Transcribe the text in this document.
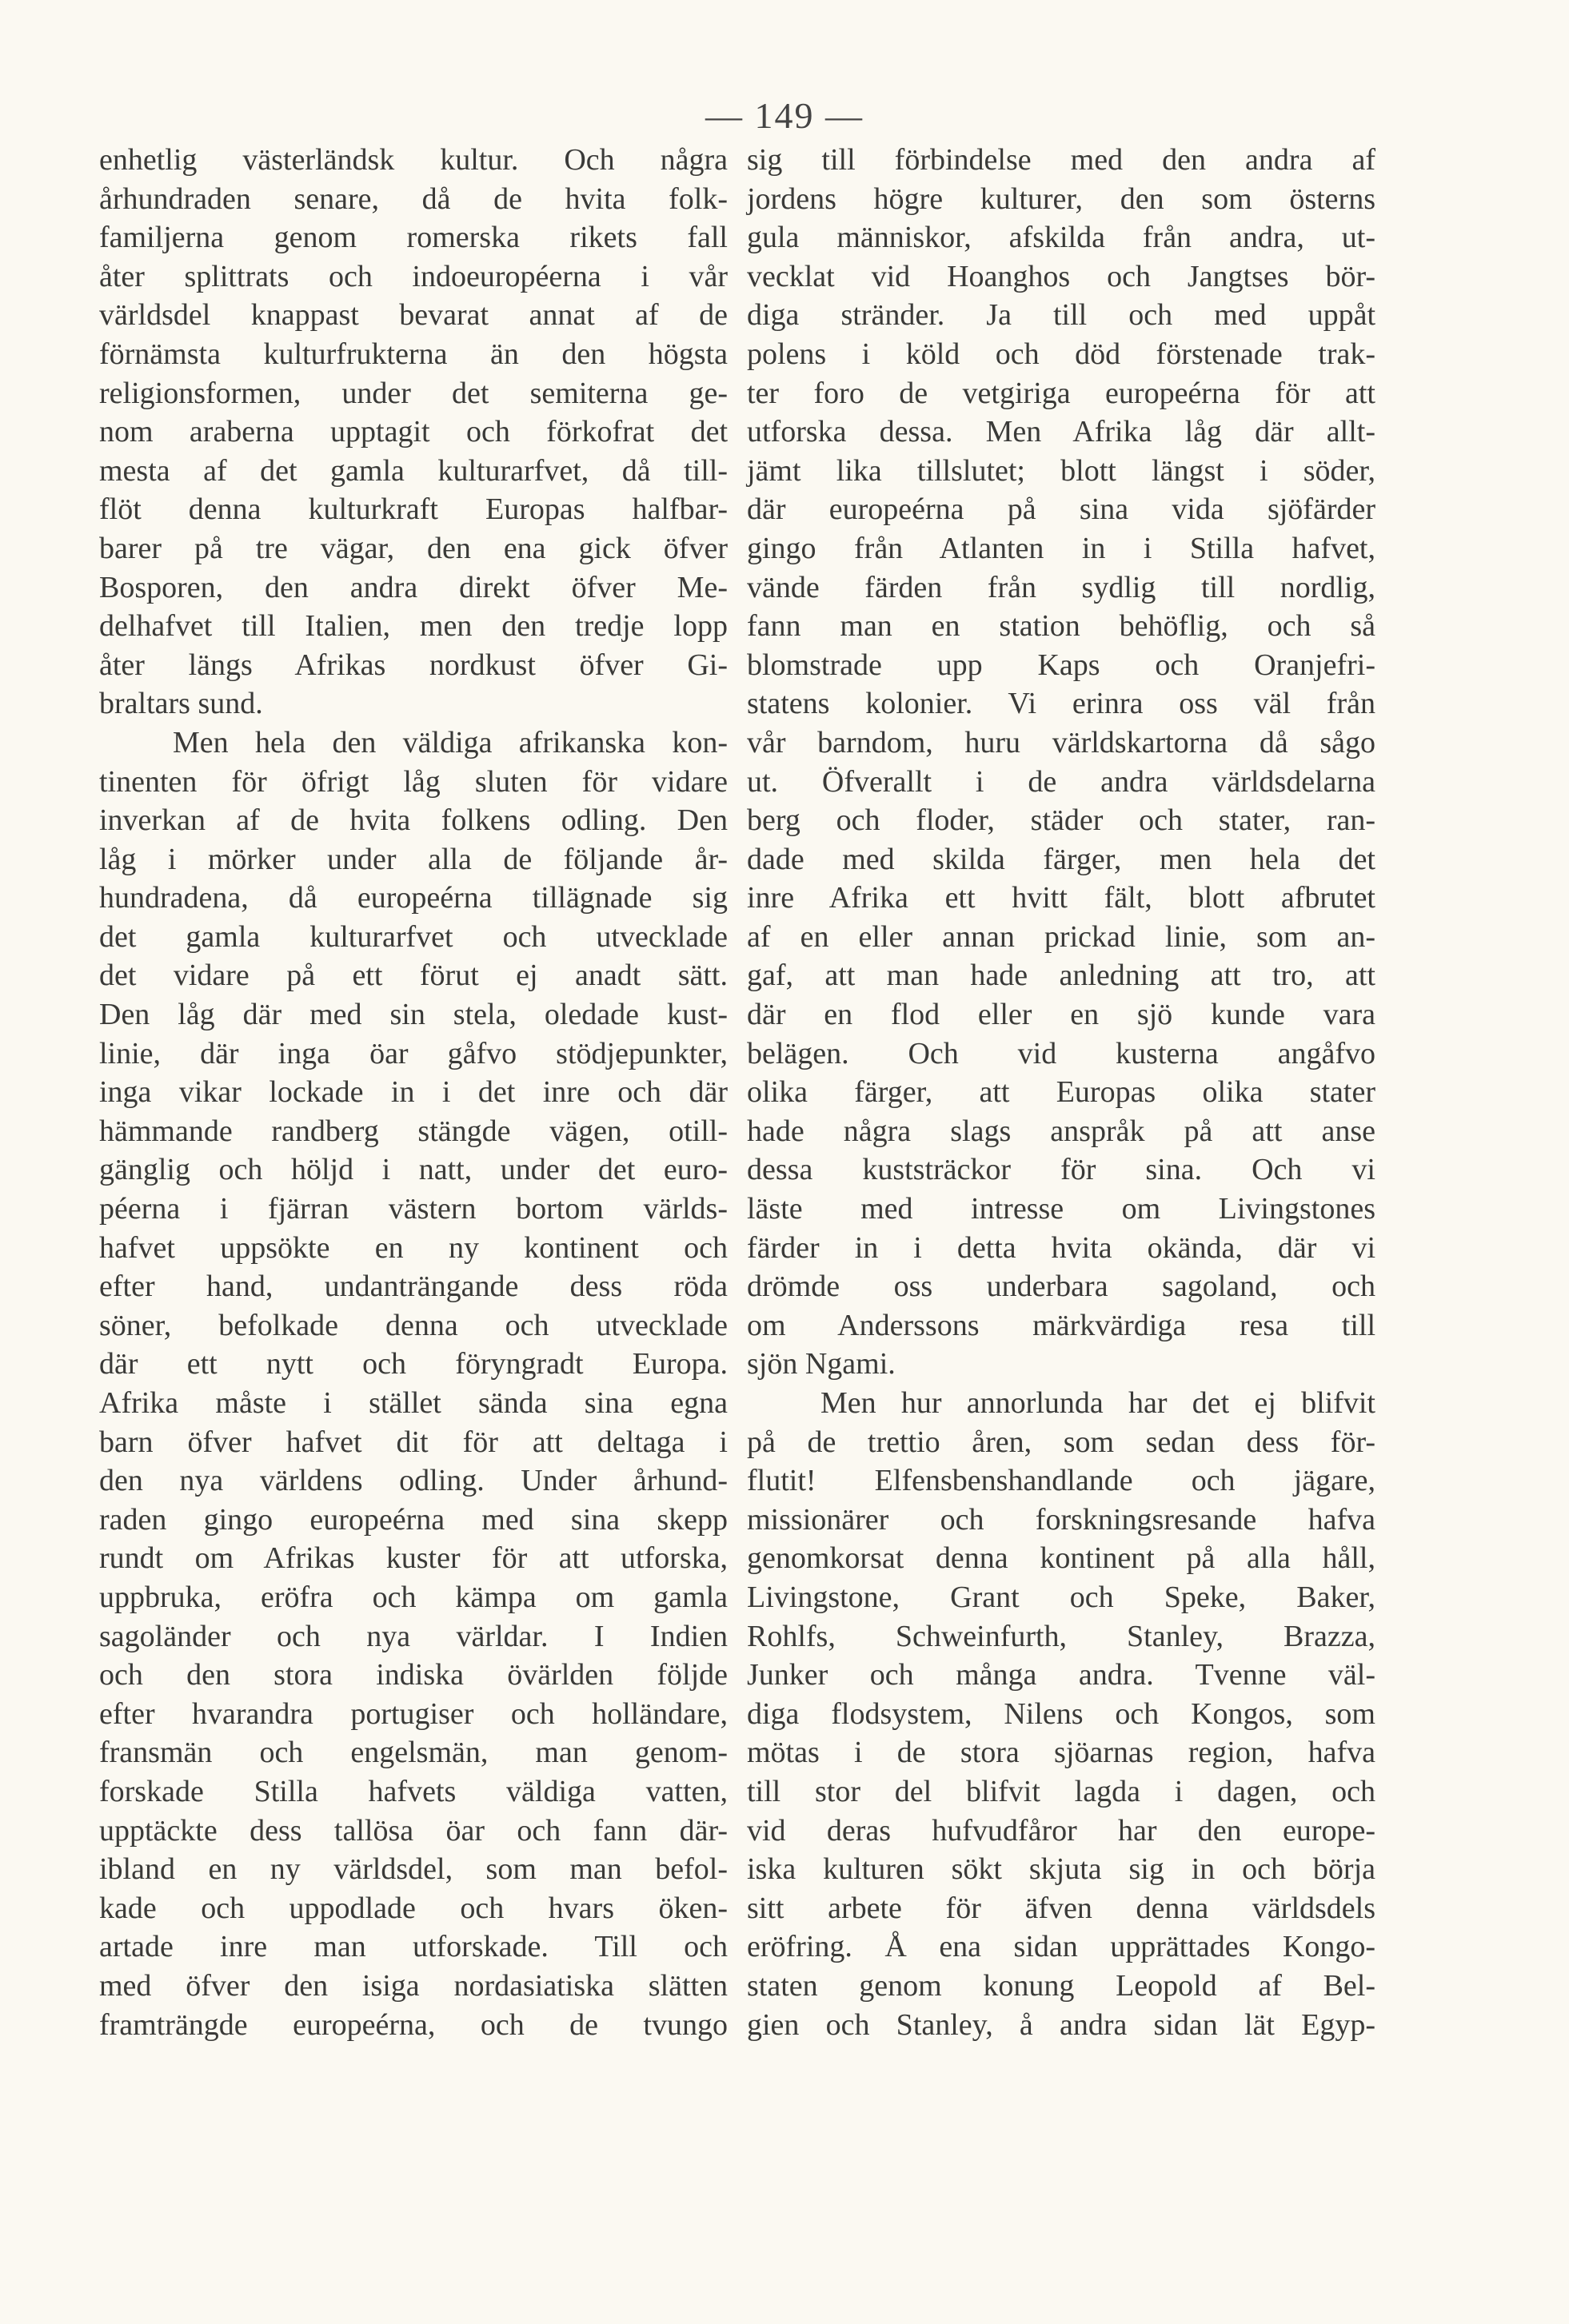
— 149 —
enhetlig västerländsk kultur. Och några
århundraden senare, då de hvita folk-
familjerna genom romerska rikets fall
åter splittrats och indoeuropéerna i vår
världsdel knappast bevarat annat af de
förnämsta kulturfrukterna än den högsta
religionsformen, under det semiterna ge-
nom araberna upptagit och förkofrat det
mesta af det gamla kulturarfvet, då till-
flöt denna kulturkraft Europas halfbar-
barer på tre vägar, den ena gick öfver
Bosporen, den andra direkt öfver Me-
delhafvet till Italien, men den tredje lopp
åter längs Afrikas nordkust öfver Gi-
braltars sund.
Men hela den väldiga afrikanska kon-
tinenten för öfrigt låg sluten för vidare
inverkan af de hvita folkens odling. Den
låg i mörker under alla de följande år-
hundradena, då europeérna tillägnade sig
det gamla kulturarfvet och utvecklade
det vidare på ett förut ej anadt sätt.
Den låg där med sin stela, oledade kust-
linie, där inga öar gåfvo stödjepunkter,
inga vikar lockade in i det inre och där
hämmande randberg stängde vägen, otill-
gänglig och höljd i natt, under det euro-
péerna i fjärran västern bortom världs-
hafvet uppsökte en ny kontinent och
efter hand, undanträngande dess röda
söner, befolkade denna och utvecklade
där ett nytt och föryngradt Europa.
Afrika måste i stället sända sina egna
barn öfver hafvet dit för att deltaga i
den nya världens odling. Under århund-
raden gingo europeérna med sina skepp
rundt om Afrikas kuster för att utforska,
uppbruka, eröfra och kämpa om gamla
sagoländer och nya världar. I Indien
och den stora indiska övärlden följde
efter hvarandra portugiser och holländare,
fransmän och engelsmän, man genom-
forskade Stilla hafvets väldiga vatten,
upptäckte dess tallösa öar och fann där-
ibland en ny världsdel, som man befol-
kade och uppodlade och hvars öken-
artade inre man utforskade. Till och
med öfver den isiga nordasiatiska slätten
framträngde europeérna, och de tvungo
sig till förbindelse med den andra af
jordens högre kulturer, den som österns
gula människor, afskilda från andra, ut-
vecklat vid Hoanghos och Jangtses bör-
diga stränder. Ja till och med uppåt
polens i köld och död förstenade trak-
ter foro de vetgiriga europeérna för att
utforska dessa. Men Afrika låg där allt-
jämt lika tillslutet; blott längst i söder,
där europeérna på sina vida sjöfärder
gingo från Atlanten in i Stilla hafvet,
vände färden från sydlig till nordlig,
fann man en station behöflig, och så
blomstrade upp Kaps och Oranjefri-
statens kolonier. Vi erinra oss väl från
vår barndom, huru världskartorna då sågo
ut. Öfverallt i de andra världsdelarna
berg och floder, städer och stater, ran-
dade med skilda färger, men hela det
inre Afrika ett hvitt fält, blott afbrutet
af en eller annan prickad linie, som an-
gaf, att man hade anledning att tro, att
där en flod eller en sjö kunde vara
belägen. Och vid kusterna angåfvo
olika färger, att Europas olika stater
hade några slags anspråk på att anse
dessa kuststräckor för sina. Och vi
läste med intresse om Livingstones
färder in i detta hvita okända, där vi
drömde oss underbara sagoland, och
om Anderssons märkvärdiga resa till
sjön Ngami.
Men hur annorlunda har det ej blifvit
på de trettio åren, som sedan dess för-
flutit! Elfensbenshandlande och jägare,
missionärer och forskningsresande hafva
genomkorsat denna kontinent på alla håll,
Livingstone, Grant och Speke, Baker,
Rohlfs, Schweinfurth, Stanley, Brazza,
Junker och många andra. Tvenne väl-
diga flodsystem, Nilens och Kongos, som
mötas i de stora sjöarnas region, hafva
till stor del blifvit lagda i dagen, och
vid deras hufvudfåror har den europe-
iska kulturen sökt skjuta sig in och börja
sitt arbete för äfven denna världsdels
eröfring. Å ena sidan upprättades Kongo-
staten genom konung Leopold af Bel-
gien och Stanley, å andra sidan lät Egyp-
